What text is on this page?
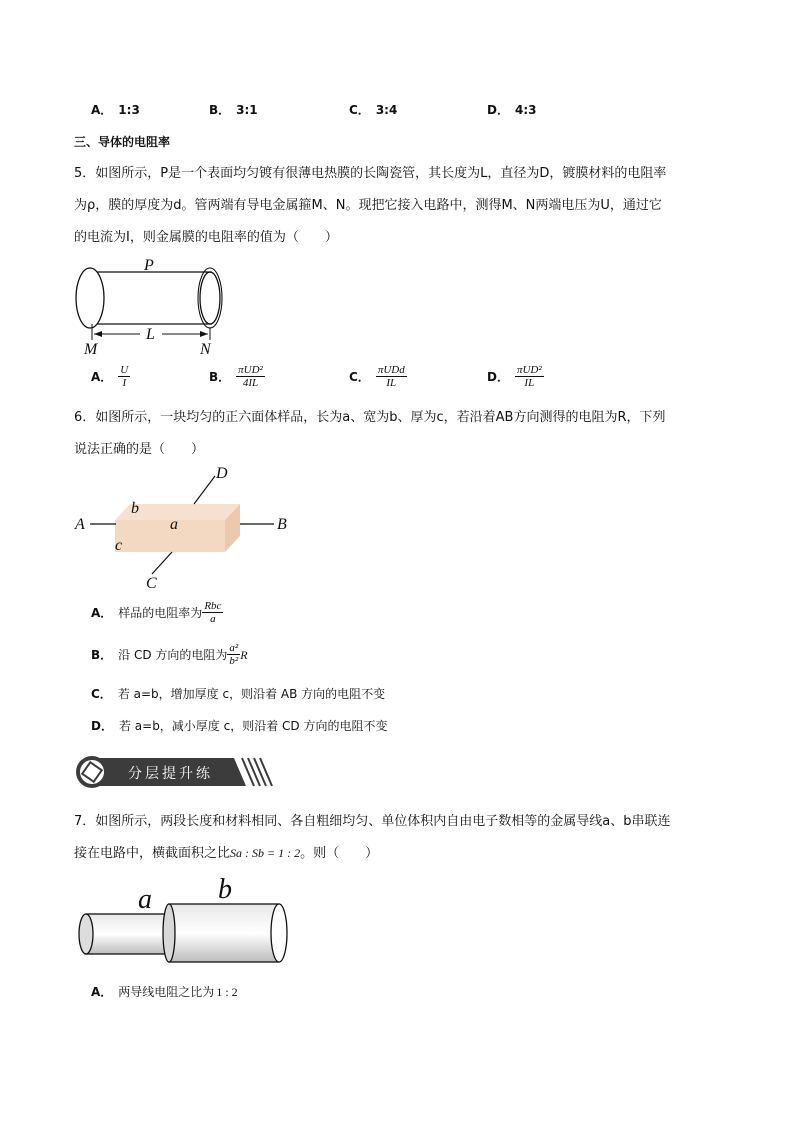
A． 1:3	B． 3:1	C． 3:4	D． 4:3
三、导体的电阻率
5．如图所示，P是一个表面均匀镀有很薄电热膜的长陶瓷管，其长度为L，直径为D，镀膜材料的电阻率
为ρ，膜的厚度为d。管两端有导电金属箍M、N。现把它接入电路中，测得M、N两端电压为U，通过它
的电流为I，则金属膜的电阻率的值为（　　）
P
L
M	N
A． $\frac{U}{I}$	B． $\frac{\text{πUD²}}{4IL}$	C． $\frac{\text{πUDd}}{IL}$	D． $\frac{\text{πUD²}}{IL}$
6．如图所示，一块均匀的正六面体样品，长为a、宽为b、厚为c，若沿着AB方向测得的电阻为R，下列
说法正确的是（　　）
A	B
D
C
b
a
c
A． 样品的电阻率为 $\frac{\text{Rbc}}{a}$
B． 沿 CD 方向的电阻为 $\frac{\text{a²}}{\text{b²}}$ R
C． 若 a=b，增加厚度 c，则沿着 AB 方向的电阻不变
D． 若 a=b，减小厚度 c，则沿着 CD 方向的电阻不变
分层提升练
7．如图所示，两段长度和材料相同、各自粗细均匀、单位体积内自由电子数相等的金属导线a、b串联连
接在电路中，横截面积之比Sa : Sb = 1 : 2。则（　　）
a b
A． 两导线电阻之比为 1 : 2
